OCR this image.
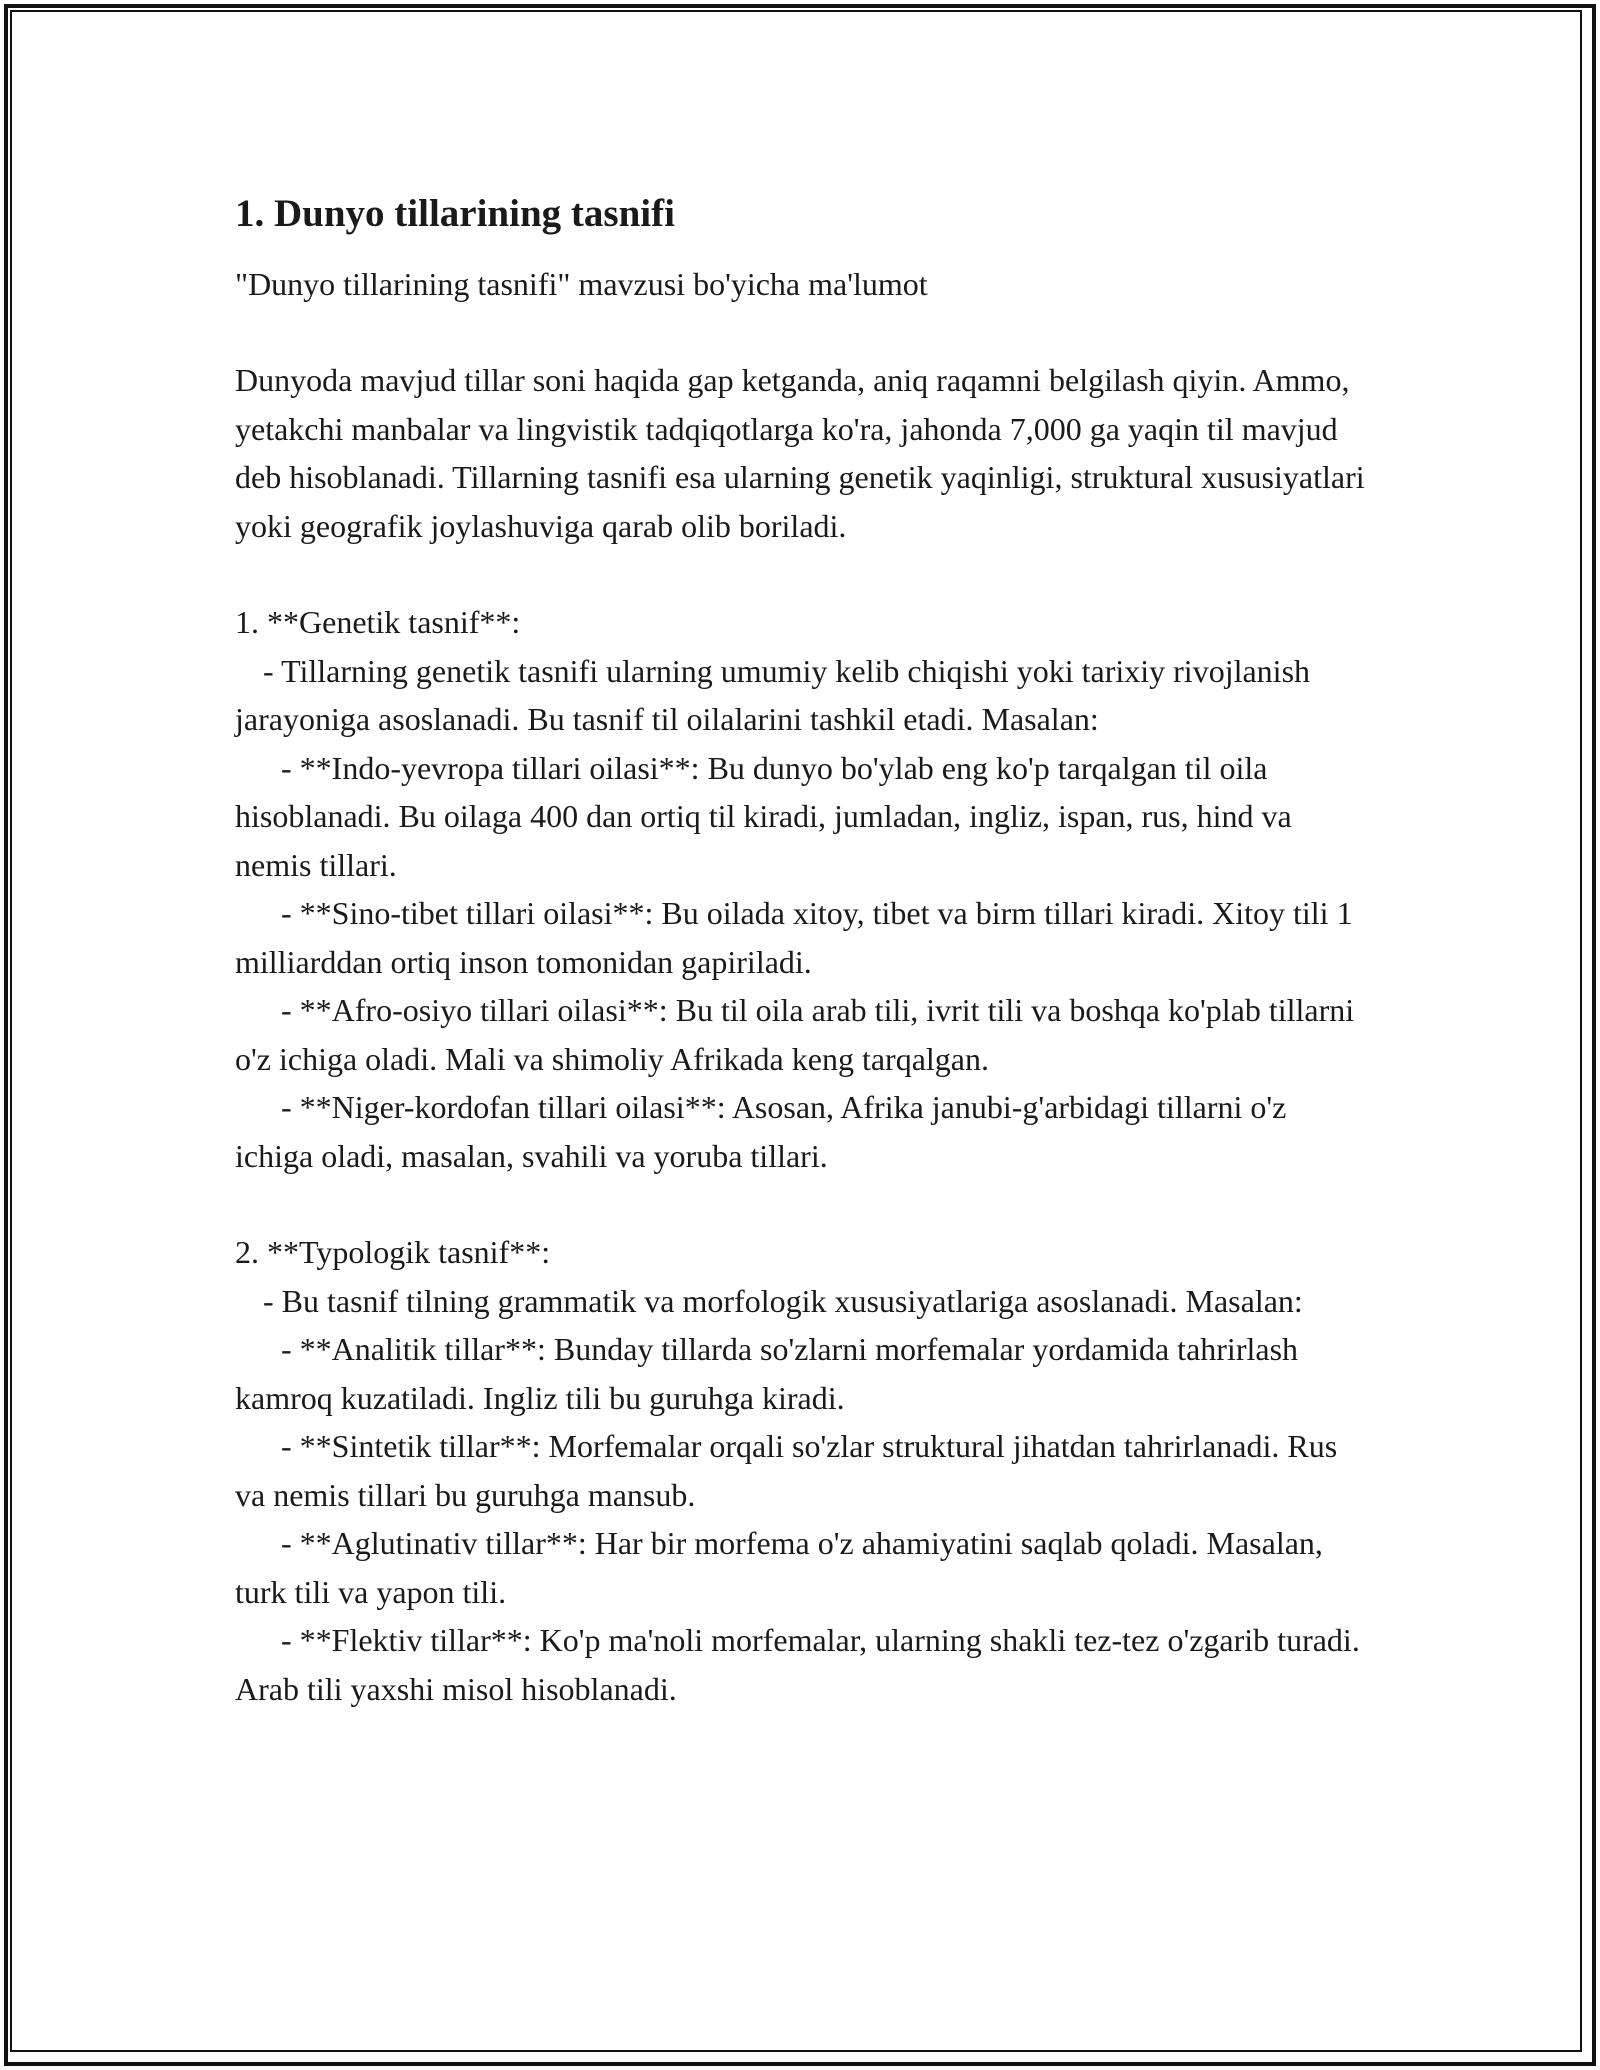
1. Dunyo tillarining tasnifi

"Dunyo tillarining tasnifi" mavzusi bo'yicha ma'lumot

Dunyoda mavjud tillar soni haqida gap ketganda, aniq raqamni belgilash qiyin. Ammo, yetakchi manbalar va lingvistik tadqiqotlarga ko'ra, jahonda 7,000 ga yaqin til mavjud deb hisoblanadi. Tillarning tasnifi esa ularning genetik yaqinligi, struktural xususiyatlari yoki geografik joylashuviga qarab olib boriladi.

1. **Genetik tasnif**:
- Tillarning genetik tasnifi ularning umumiy kelib chiqishi yoki tarixiy rivojlanish jarayoniga asoslanadi. Bu tasnif til oilalarini tashkil etadi. Masalan:
- **Indo-yevropa tillari oilasi**: Bu dunyo bo'ylab eng ko'p tarqalgan til oila hisoblanadi. Bu oilaga 400 dan ortiq til kiradi, jumladan, ingliz, ispan, rus, hind va nemis tillari.
- **Sino-tibet tillari oilasi**: Bu oilada xitoy, tibet va birm tillari kiradi. Xitoy tili 1 milliarddan ortiq inson tomonidan gapiriladi.
- **Afro-osiyo tillari oilasi**: Bu til oila arab tili, ivrit tili va boshqa ko'plab tillarni o'z ichiga oladi. Mali va shimoliy Afrikada keng tarqalgan.
- **Niger-kordofan tillari oilasi**: Asosan, Afrika janubi-g'arbidagi tillarni o'z ichiga oladi, masalan, svahili va yoruba tillari.
2. **Typologik tasnif**:
- Bu tasnif tilning grammatik va morfologik xususiyatlariga asoslanadi. Masalan:
- **Analitik tillar**: Bunday tillarda so'zlarni morfemalar yordamida tahrirlash kamroq kuzatiladi. Ingliz tili bu guruhga kiradi.
- **Sintetik tillar**: Morfemalar orqali so'zlar struktural jihatdan tahrirlanadi. Rus va nemis tillari bu guruhga mansub.
- **Aglutinativ tillar**: Har bir morfema o'z ahamiyatini saqlab qoladi. Masalan, turk tili va yapon tili.
- **Flektiv tillar**: Ko'p ma'noli morfemalar, ularning shakli tez-tez o'zgarib turadi. Arab tili yaxshi misol hisoblanadi.
